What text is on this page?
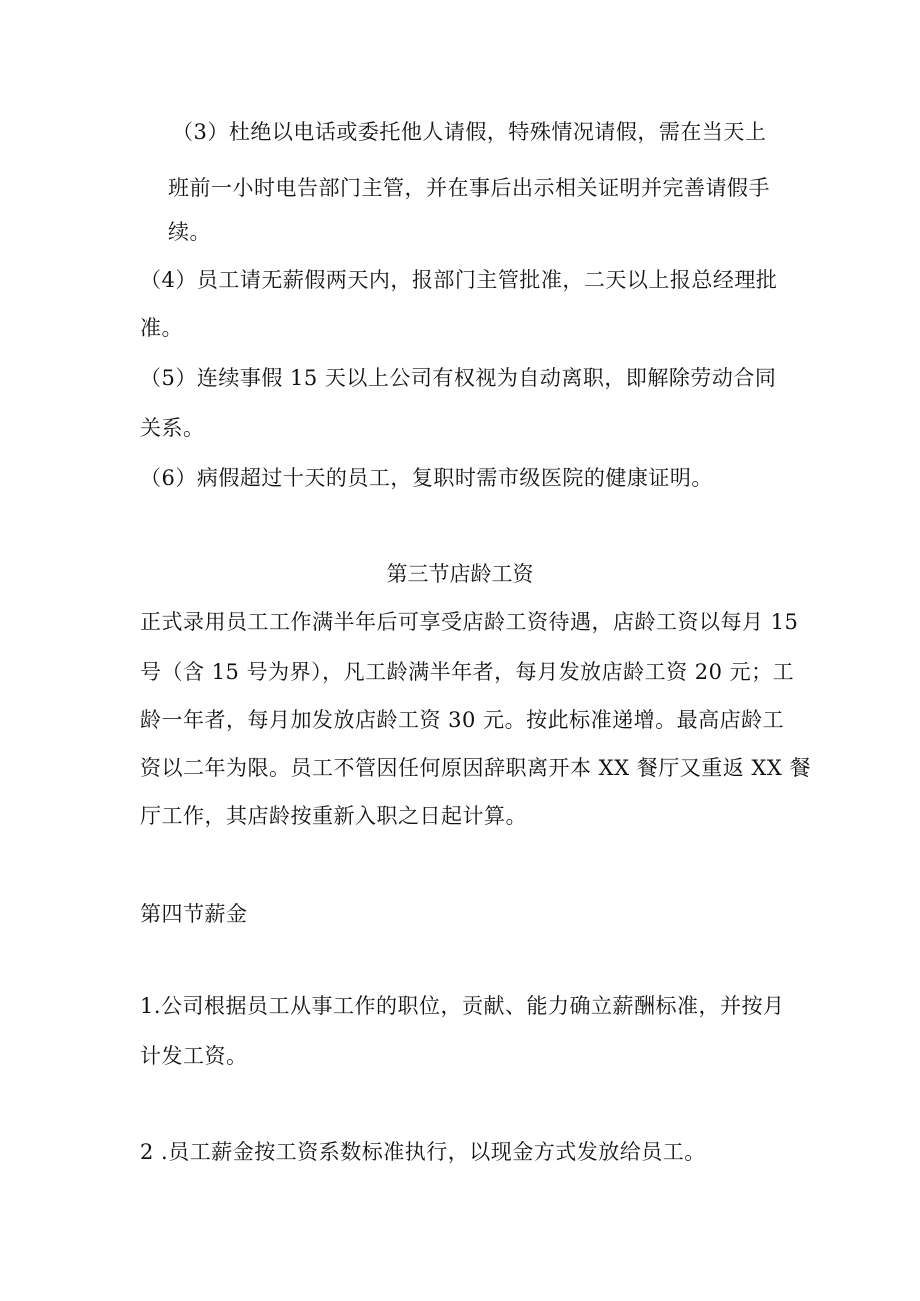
（3）杜绝以电话或委托他人请假，特殊情况请假，需在当天上
班前一小时电告部门主管，并在事后出示相关证明并完善请假手
续。
（4）员工请无薪假两天内，报部门主管批准，二天以上报总经理批
准。
（5）连续事假 15 天以上公司有权视为自动离职，即解除劳动合同
关系。
（6）病假超过十天的员工，复职时需市级医院的健康证明。
第三节店龄工资
正式录用员工工作满半年后可享受店龄工资待遇，店龄工资以每月 15
号（含 15 号为界），凡工龄满半年者，每月发放店龄工资 20 元；工
龄一年者，每月加发放店龄工资 30 元。按此标准递增。最高店龄工
资以二年为限。员工不管因任何原因辞职离开本 XX 餐厅又重返 XX 餐
厅工作，其店龄按重新入职之日起计算。
第四节薪金
1.公司根据员工从事工作的职位，贡献、能力确立薪酬标准，并按月
计发工资。
2 .员工薪金按工资系数标准执行，以现金方式发放给员工。
